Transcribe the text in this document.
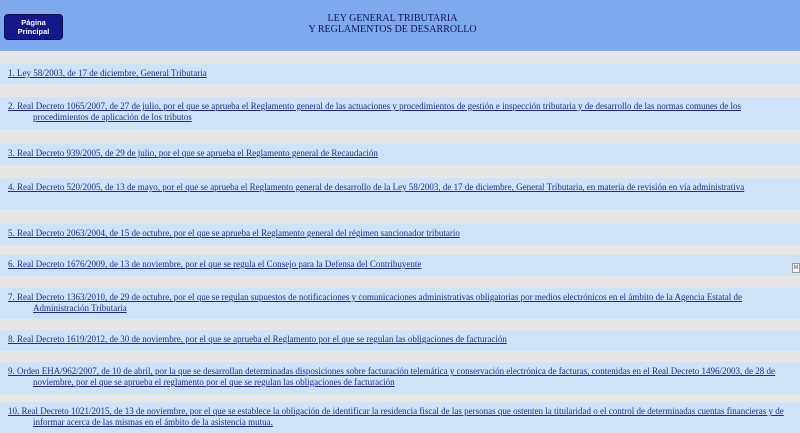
Página
Principal
LEY GENERAL TRIBUTARIA
Y REGLAMENTOS DE DESARROLLO
1. Ley 58/2003, de 17 de diciembre, General Tributaria
2. Real Decreto 1065/2007, de 27 de julio, por el que se aprueba el Reglamento general de las actuaciones y procedimientos de gestión e inspección tributaria y de desarrollo de las normas comunes de los procedimientos de aplicación de los tributos
3. Real Decreto 939/2005, de 29 de julio, por el que se aprueba el Reglamento general de Recaudación
4. Real Decreto 520/2005, de 13 de mayo, por el que se aprueba el Reglamento general de desarrollo de la Ley 58/2003, de 17 de diciembre, General Tributaria, en materia de revisión en vía administrativa
5. Real Decreto 2063/2004, de 15 de octubre, por el que se aprueba el Reglamento general del régimen sancionador tributario
6. Real Decreto 1676/2009, de 13 de noviembre, por el que se regula el Consejo para la Defensa del Contribuyente
7. Real Decreto 1363/2010, de 29 de octubre, por el que se regulan supuestos de notificaciones y comunicaciones administrativas obligatorias por medios electrónicos en el ámbito de la Agencia Estatal de Administración Tributaria
8. Real Decreto 1619/2012, de 30 de noviembre, por el que se aprueba el Reglamento por el que se regulan las obligaciones de facturación
9. Orden EHA/962/2007, de 10 de abril, por la que se desarrollan determinadas disposiciones sobre facturación telemática y conservación electrónica de facturas, contenidas en el Real Decreto 1496/2003, de 28 de noviembre, por el que se aprueba el reglamento por el que se regulan las obligaciones de facturación
10. Real Decreto 1021/2015, de 13 de noviembre, por el que se establece la obligación de identificar la residencia fiscal de las personas que ostenten la titularidad o el control de determinadas cuentas financieras y de informar acerca de las mismas en el ámbito de la asistencia mutua.
M
